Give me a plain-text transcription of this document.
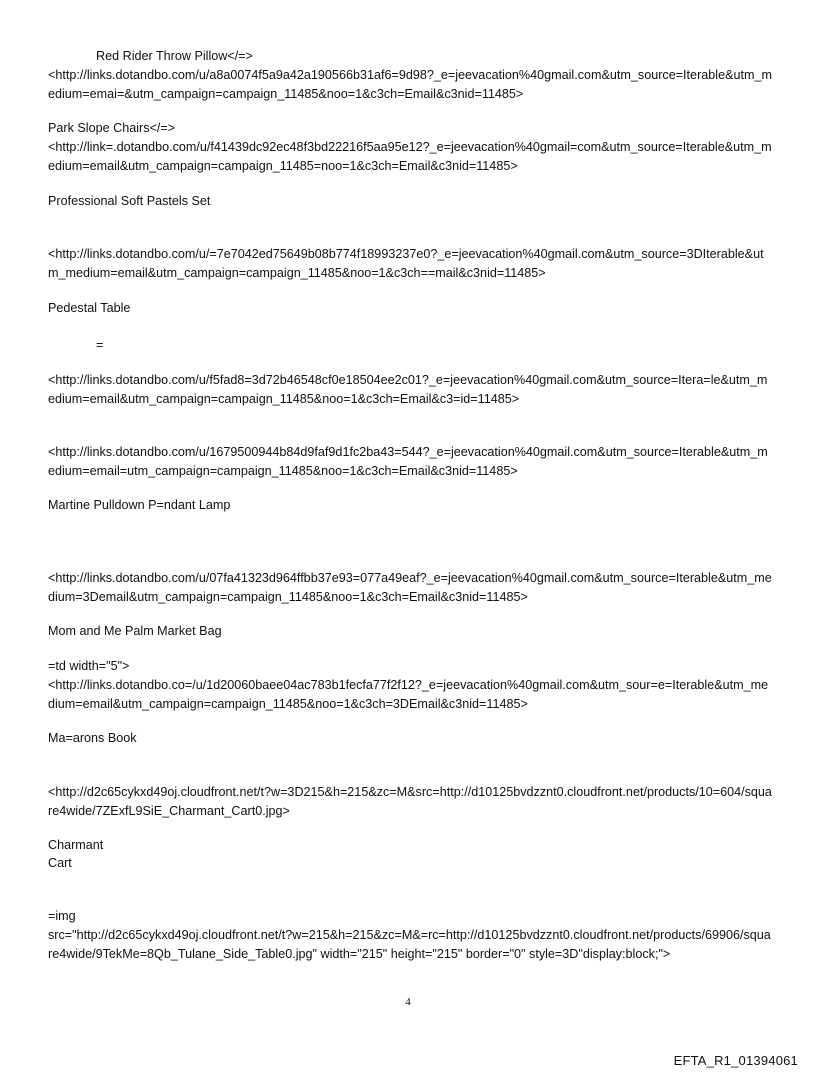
Red Rider Throw Pillow</=>
<http://links.dotandbo.com/u/a8a0074f5a9a42a190566b31af6=9d98?_e=jeevacation%40gmail.com&utm_source=Iterable&utm_medium=emai=&utm_campaign=campaign_11485&noo=1&c3ch=Email&c3nid=11485>
Park Slope Chairs</=>
<http://link=.dotandbo.com/u/f41439dc92ec48f3bd22216f5aa95e12?_e=jeevacation%40gmail=com&utm_source=Iterable&utm_medium=email&utm_campaign=campaign_11485=noo=1&c3ch=Email&c3nid=11485>
Professional Soft Pastels Set
<http://links.dotandbo.com/u/=7e7042ed75649b08b774f18993237e0?_e=jeevacation%40gmail.com&utm_source=3DIterable&utm_medium=email&utm_campaign=campaign_11485&noo=1&c3ch==mail&c3nid=11485>
Pedestal Table
=
<http://links.dotandbo.com/u/f5fad8=3d72b46548cf0e18504ee2c01?_e=jeevacation%40gmail.com&utm_source=Itera=le&utm_medium=email&utm_campaign=campaign_11485&noo=1&c3ch=Email&c3=id=11485>
<http://links.dotandbo.com/u/1679500944b84d9faf9d1fc2ba43=544?_e=jeevacation%40gmail.com&utm_source=Iterable&utm_medium=email=utm_campaign=campaign_11485&noo=1&c3ch=Email&c3nid=11485>
Martine Pulldown P=ndant Lamp
<http://links.dotandbo.com/u/07fa41323d964ffbb37e93=077a49eaf?_e=jeevacation%40gmail.com&utm_source=Iterable&utm_medium=3Demail&utm_campaign=campaign_11485&noo=1&c3ch=Email&c3nid=11485>
Mom and Me Palm Market Bag
=td width="5">
<http://links.dotandbo.co=/u/1d20060baee04ac783b1fecfa77f2f12?_e=jeevacation%40gmail.com&utm_sour=e=Iterable&utm_medium=email&utm_campaign=campaign_11485&noo=1&c3ch=3DEmail&c3nid=11485>
Ma=arons Book
<http://d2c65cykxd49oj.cloudfront.net/t?w=3D215&h=215&zc=M&src=http://d10125bvdzznt0.cloudfront.net/products/10=604/square4wide/7ZExfL9SiE_Charmant_Cart0.jpg>
Charmant
Cart
=img
src="http://d2c65cykxd49oj.cloudfront.net/t?w=215&h=215&zc=M&=rc=http://d10125bvdzznt0.cloudfront.net/products/69906/square4wide/9TekMe=8Qb_Tulane_Side_Table0.jpg" width="215" height="215" border="0" style=3D"display:block;">
4
EFTA_R1_01394061
